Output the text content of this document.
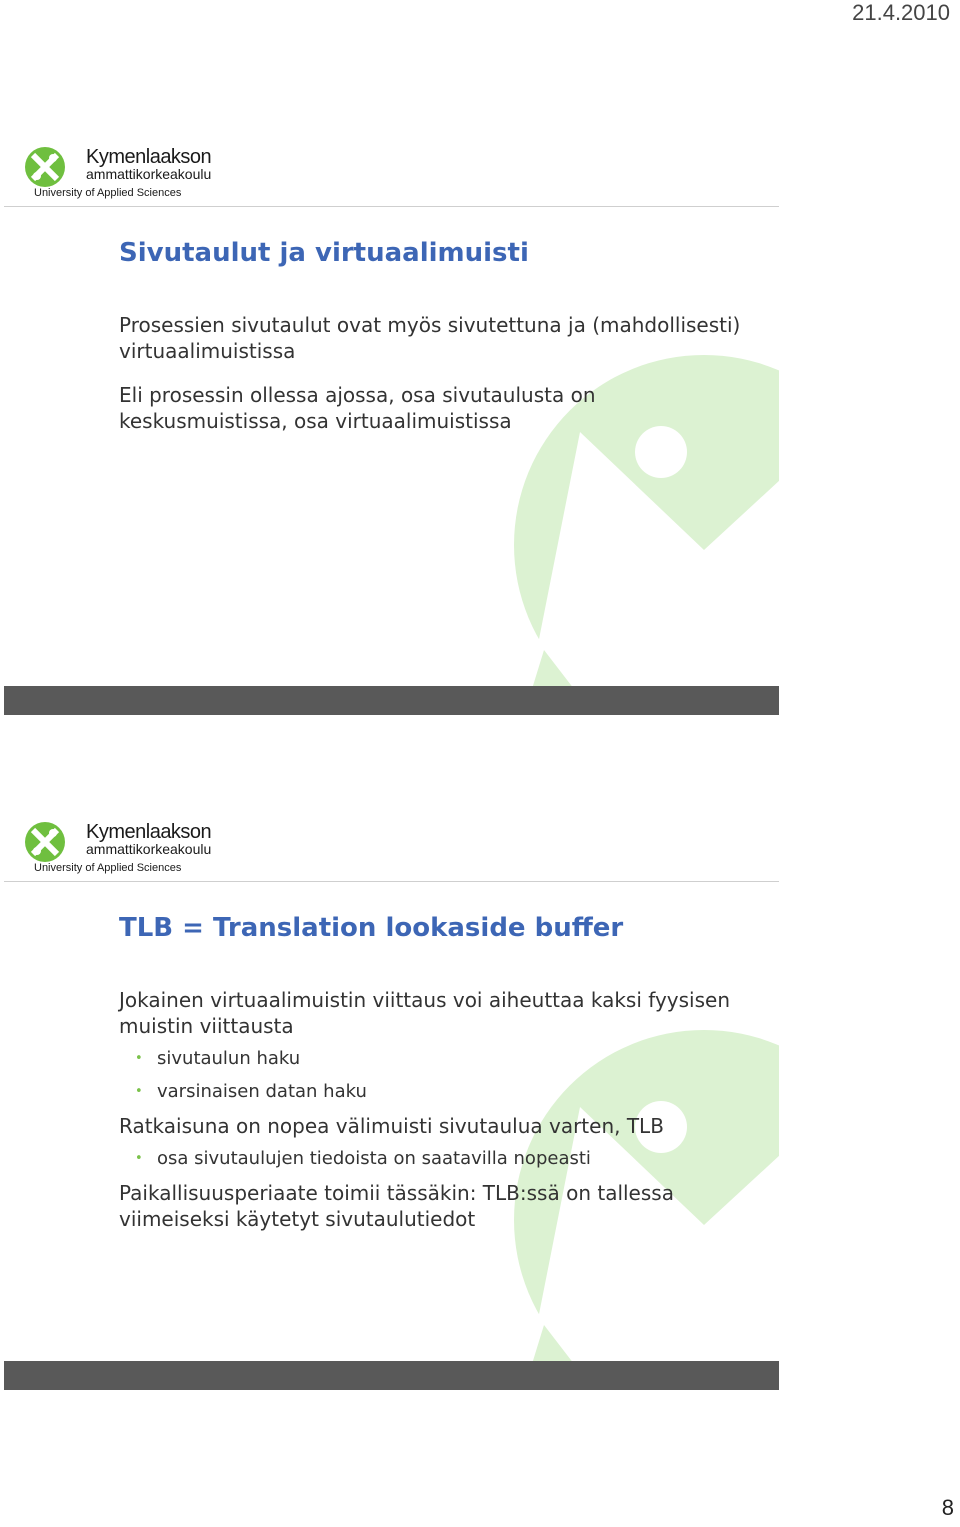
21.4.2010
Kymenlaakson
ammattikorkeakoulu
University of Applied Sciences
Sivutaulut ja virtuaalimuisti

Prosessien sivutaulut ovat myös sivutettuna ja (mahdollisesti) virtuaalimuistissa

Eli prosessin ollessa ajossa, osa sivutaulusta on keskusmuistissa, osa virtuaalimuistissa

Kymenlaakson
ammattikorkeakoulu
University of Applied Sciences
TLB = Translation lookaside buffer

Jokainen virtuaalimuistin viittaus voi aiheuttaa kaksi fyysisen muistin viittausta

• sivutaulun haku
• varsinaisen datan haku

Ratkaisuna on nopea välimuisti sivutaulua varten, TLB

• osa sivutaulujen tiedoista on saatavilla nopeasti

Paikallisuusperiaate toimii tässäkin: TLB:ssä on tallessa viimeiseksi käytetyt sivutaulutiedot

8
